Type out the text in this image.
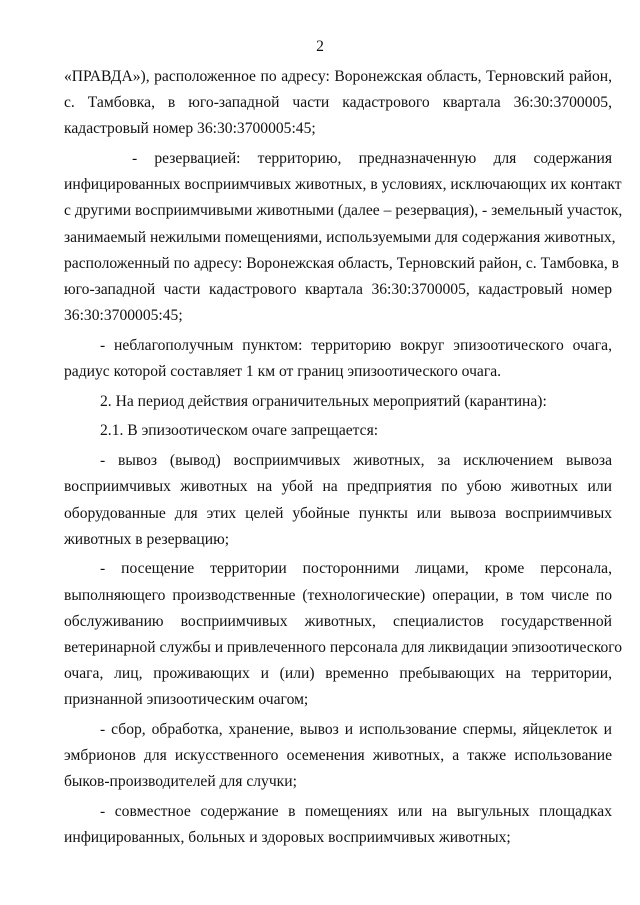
2
«ПРАВДА»), расположенное по адресу: Воронежская область, Терновский район,
с. Тамбовка, в юго-западной части кадастрового квартала 36:30:3700005,
кадастровый номер 36:30:3700005:45;
- резервацией: территорию, предназначенную для содержания
инфицированных восприимчивых животных, в условиях, исключающих их контакт
с другими восприимчивыми животными (далее – резервация), - земельный участок,
занимаемый нежилыми помещениями, используемыми для содержания животных,
расположенный по адресу: Воронежская область, Терновский район, с. Тамбовка, в
юго-западной части кадастрового квартала 36:30:3700005, кадастровый номер
36:30:3700005:45;
- неблагополучным пунктом: территорию вокруг эпизоотического очага,
радиус которой составляет 1 км от границ эпизоотического очага.
2. На период действия ограничительных мероприятий (карантина):
2.1. В эпизоотическом очаге запрещается:
- вывоз (вывод) восприимчивых животных, за исключением вывоза
восприимчивых животных на убой на предприятия по убою животных или
оборудованные для этих целей убойные пункты или вывоза восприимчивых
животных в резервацию;
- посещение территории посторонними лицами, кроме персонала,
выполняющего производственные (технологические) операции, в том числе по
обслуживанию восприимчивых животных, специалистов государственной
ветеринарной службы и привлеченного персонала для ликвидации эпизоотического
очага, лиц, проживающих и (или) временно пребывающих на территории,
признанной эпизоотическим очагом;
- сбор, обработка, хранение, вывоз и использование спермы, яйцеклеток и
эмбрионов для искусственного осеменения животных, а также использование
быков-производителей для случки;
- совместное содержание в помещениях или на выгульных площадках
инфицированных, больных и здоровых восприимчивых животных;
